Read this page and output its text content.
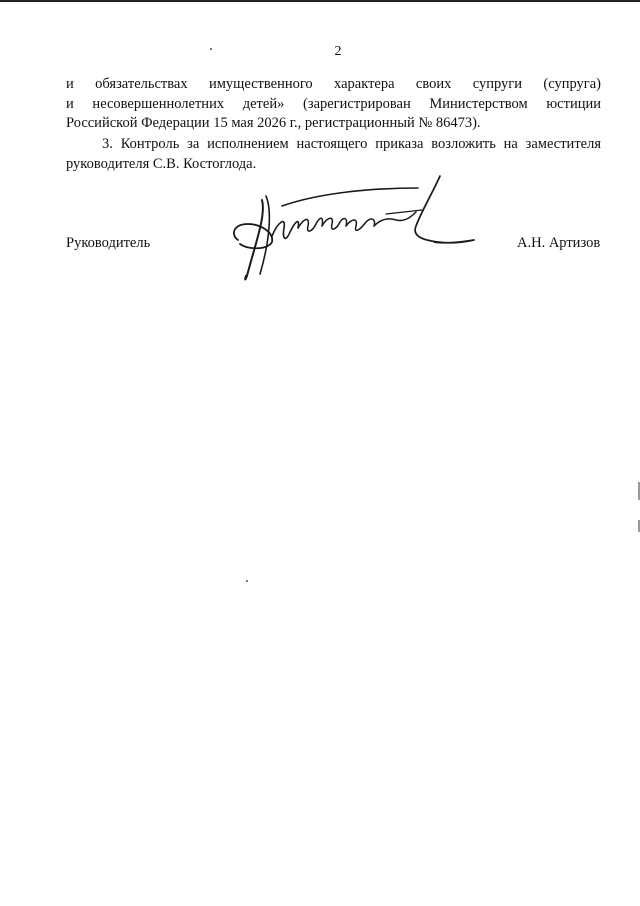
2
и обязательствах имущественного характера своих супруги (супруга)
и несовершеннолетних детей» (зарегистрирован Министерством юстиции
Российской Федерации 15 мая 2026 г., регистрационный № 86473).
3. Контроль за исполнением настоящего приказа возложить на заместителя
руководителя С.В. Костоглода.
Руководитель	А.Н. Артизов
